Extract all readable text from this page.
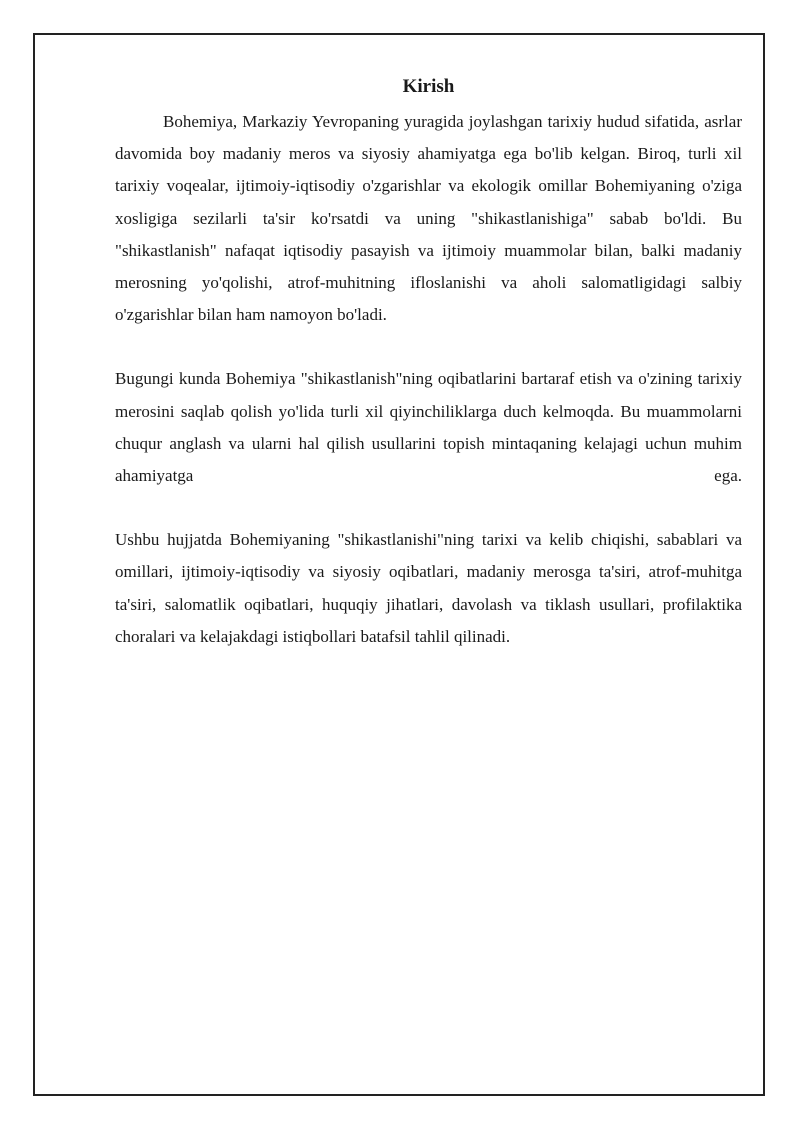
Kirish

Bohemiya, Markaziy Yevropaning yuragida joylashgan tarixiy hudud sifatida, asrlar davomida boy madaniy meros va siyosiy ahamiyatga ega bo'lib kelgan. Biroq, turli xil tarixiy voqealar, ijtimoiy-iqtisodiy o'zgarishlar va ekologik omillar Bohemiyaning o'ziga xosligiga sezilarli ta'sir ko'rsatdi va uning "shikastlanishiga" sabab bo'ldi. Bu "shikastlanish" nafaqat iqtisodiy pasayish va ijtimoiy muammolar bilan, balki madaniy merosning yo'qolishi, atrof-muhitning ifloslanishi va aholi salomatligidagi salbiy o'zgarishlar bilan ham namoyon bo'ladi.

Bugungi kunda Bohemiya "shikastlanish"ning oqibatlarini bartaraf etish va o'zining tarixiy merosini saqlab qolish yo'lida turli xil qiyinchiliklarga duch kelmoqda. Bu muammolarni chuqur anglash va ularni hal qilish usullarini topish mintaqaning kelajagi uchun muhim ahamiyatga ega.

Ushbu hujjatda Bohemiyaning "shikastlanishi"ning tarixi va kelib chiqishi, sabablari va omillari, ijtimoiy-iqtisodiy va siyosiy oqibatlari, madaniy merosga ta'siri, atrof-muhitga ta'siri, salomatlik oqibatlari, huquqiy jihatlari, davolash va tiklash usullari, profilaktika choralari va kelajakdagi istiqbollari batafsil tahlil qilinadi.
